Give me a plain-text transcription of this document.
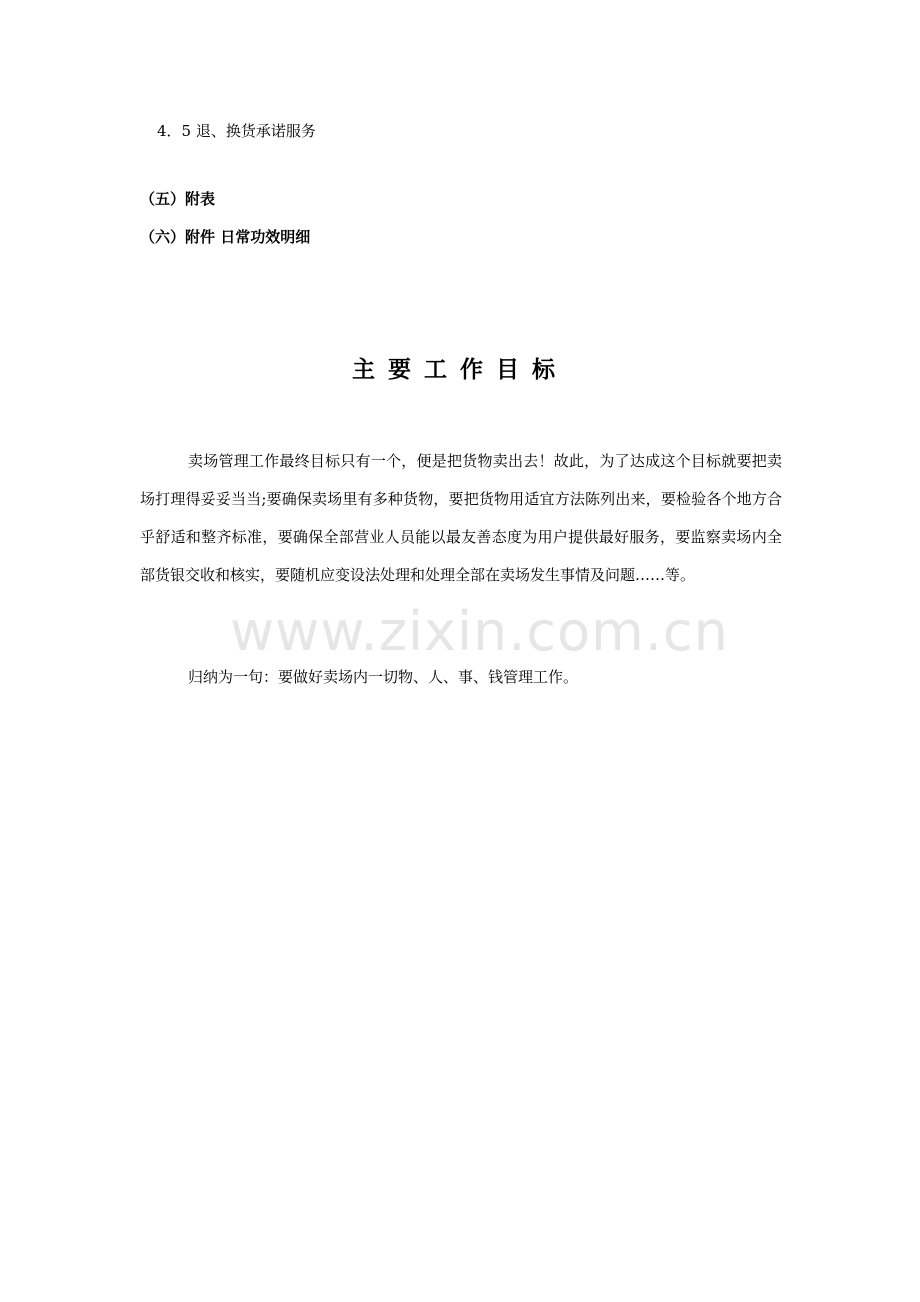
4．5 退、换货承诺服务
（五）附表
（六）附件 日常功效明细
主要工作目标
www.zixin.com.cn

卖场管理工作最终目标只有一个，便是把货物卖出去！故此，为了达成这个目标就要把卖场打理得妥妥当当;要确保卖场里有多种货物，要把货物用适宜方法陈列出来，要检验各个地方合乎舒适和整齐标准，要确保全部营业人员能以最友善态度为用户提供最好服务，要监察卖场内全部货银交收和核实，要随机应变设法处理和处理全部在卖场发生事情及问题……等。

归纳为一句：要做好卖场内一切物、人、事、钱管理工作。
